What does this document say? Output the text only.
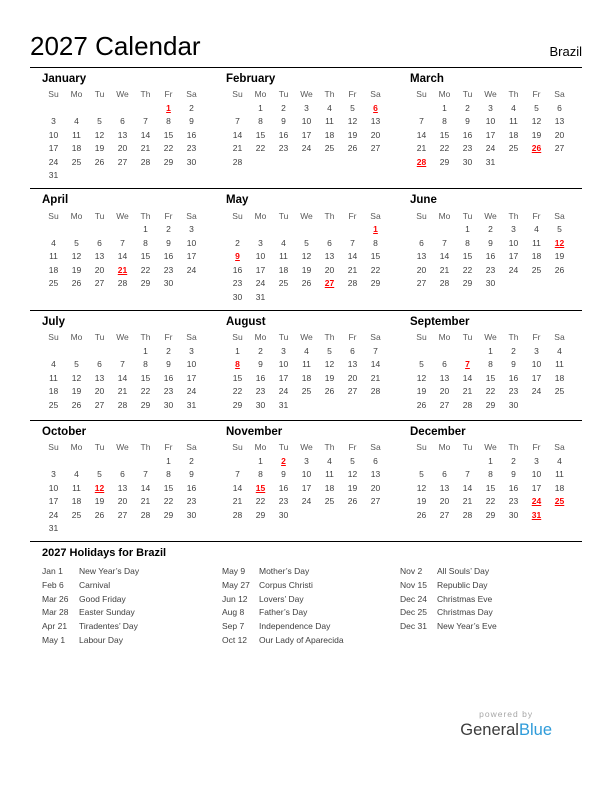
2027 Calendar	Brazil
January
Su	Mo	Tu	We	Th	Fr	Sa
					1	2
3	4	5	6	7	8	9
10	11	12	13	14	15	16
17	18	19	20	21	22	23
24	25	26	27	28	29	30
31						
February
Su	Mo	Tu	We	Th	Fr	Sa
	1	2	3	4	5	6
7	8	9	10	11	12	13
14	15	16	17	18	19	20
21	22	23	24	25	26	27
28						
March
Su	Mo	Tu	We	Th	Fr	Sa
	1	2	3	4	5	6
7	8	9	10	11	12	13
14	15	16	17	18	19	20
21	22	23	24	25	26	27
28	29	30	31			
April
Su	Mo	Tu	We	Th	Fr	Sa
				1	2	3
4	5	6	7	8	9	10
11	12	13	14	15	16	17
18	19	20	21	22	23	24
25	26	27	28	29	30	
May
Su	Mo	Tu	We	Th	Fr	Sa
						1
2	3	4	5	6	7	8
9	10	11	12	13	14	15
16	17	18	19	20	21	22
23	24	25	26	27	28	29
30	31					
June
Su	Mo	Tu	We	Th	Fr	Sa
		1	2	3	4	5
6	7	8	9	10	11	12
13	14	15	16	17	18	19
20	21	22	23	24	25	26
27	28	29	30			
July
Su	Mo	Tu	We	Th	Fr	Sa
				1	2	3
4	5	6	7	8	9	10
11	12	13	14	15	16	17
18	19	20	21	22	23	24
25	26	27	28	29	30	31
August
Su	Mo	Tu	We	Th	Fr	Sa
1	2	3	4	5	6	7
8	9	10	11	12	13	14
15	16	17	18	19	20	21
22	23	24	25	26	27	28
29	30	31				
September
Su	Mo	Tu	We	Th	Fr	Sa
			1	2	3	4
5	6	7	8	9	10	11
12	13	14	15	16	17	18
19	20	21	22	23	24	25
26	27	28	29	30		
October
Su	Mo	Tu	We	Th	Fr	Sa
					1	2
3	4	5	6	7	8	9
10	11	12	13	14	15	16
17	18	19	20	21	22	23
24	25	26	27	28	29	30
31						
November
Su	Mo	Tu	We	Th	Fr	Sa
	1	2	3	4	5	6
7	8	9	10	11	12	13
14	15	16	17	18	19	20
21	22	23	24	25	26	27
28	29	30				
December
Su	Mo	Tu	We	Th	Fr	Sa
			1	2	3	4
5	6	7	8	9	10	11
12	13	14	15	16	17	18
19	20	21	22	23	24	25
26	27	28	29	30	31	
2027 Holidays for Brazil
Jan 1	New Year’s Day
Feb 6	Carnival
Mar 26	Good Friday
Mar 28	Easter Sunday
Apr 21	Tiradentes’ Day
May 1	Labour Day
May 9	Mother’s Day
May 27	Corpus Christi
Jun 12	Lovers’ Day
Aug 8	Father’s Day
Sep 7	Independence Day
Oct 12	Our Lady of Aparecida
Nov 2	All Souls’ Day
Nov 15	Republic Day
Dec 24	Christmas Eve
Dec 25	Christmas Day
Dec 31	New Year’s Eve
powered by
GeneralBlue
